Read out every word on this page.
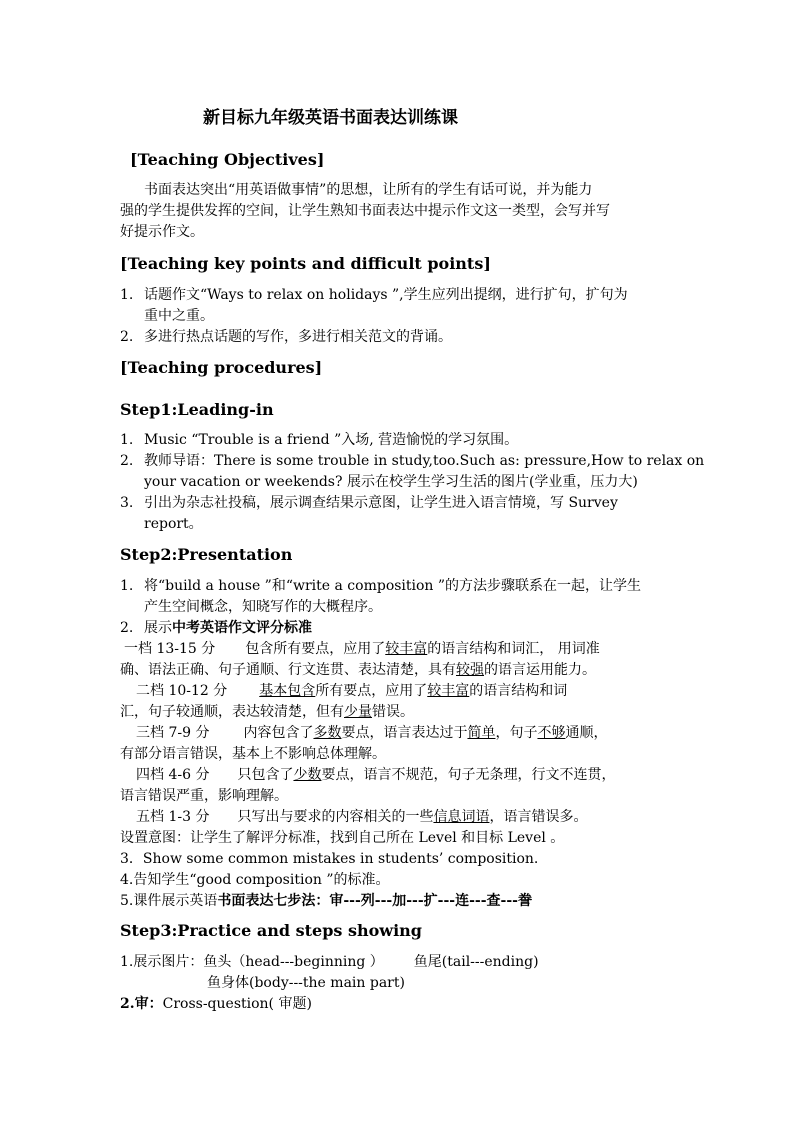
新目标九年级英语书面表达训练课
[Teaching Objectives]
书面表达突出“用英语做事情”的思想，让所有的学生有话可说，并为能力
强的学生提供发挥的空间，让学生熟知书面表达中提示作文这一类型，会写并写
好提示作文。
[Teaching key points and difficult points]
1. 话题作文“Ways to relax on holidays ”,学生应列出提纲，进行扩句，扩句为
重中之重。
2. 多进行热点话题的写作，多进行相关范文的背诵。
[Teaching procedures]
Step1:Leading-in
1. Music “Trouble is a friend ”入场, 营造愉悦的学习氛围。
2. 教师导语：There is some trouble in study,too.Such as: pressure,How to relax on
your vacation or weekends? 展示在校学生学习生活的图片(学业重，压力大)
3. 引出为杂志社投稿，展示调查结果示意图，让学生进入语言情境，写 Survey
report。
Step2:Presentation
1. 将“build a house ”和“write a composition ”的方法步骤联系在一起，让学生
产生空间概念，知晓写作的大概程序。
2. 展示中考英语作文评分标准
一档 13-15 分 包含所有要点，应用了较丰富的语言结构和词汇， 用词准
确、语法正确、句子通顺、行文连贯、表达清楚，具有较强的语言运用能力。
二档 10-12 分 基本包含所有要点，应用了较丰富的语言结构和词
汇，句子较通顺，表达较清楚，但有少量错误。
三档 7-9 分 内容包含了多数要点，语言表达过于简单，句子不够通顺，
有部分语言错误，基本上不影响总体理解。
四档 4-6 分 只包含了少数要点，语言不规范，句子无条理，行文不连贯，
语言错误严重，影响理解。
五档 1-3 分 只写出与要求的内容相关的一些信息词语，语言错误多。
设置意图：让学生了解评分标准，找到自己所在 Level 和目标 Level 。
3．Show some common mistakes in students’ composition.
4.告知学生“good composition ”的标准。
5.课件展示英语书面表达七步法：审---列---加---扩---连---查---誊
Step3:Practice and steps showing
1.展示图片：鱼头（head---beginning ） 鱼尾(tail---ending)
鱼身体(body---the main part)
2.审：Cross-question( 审题)
